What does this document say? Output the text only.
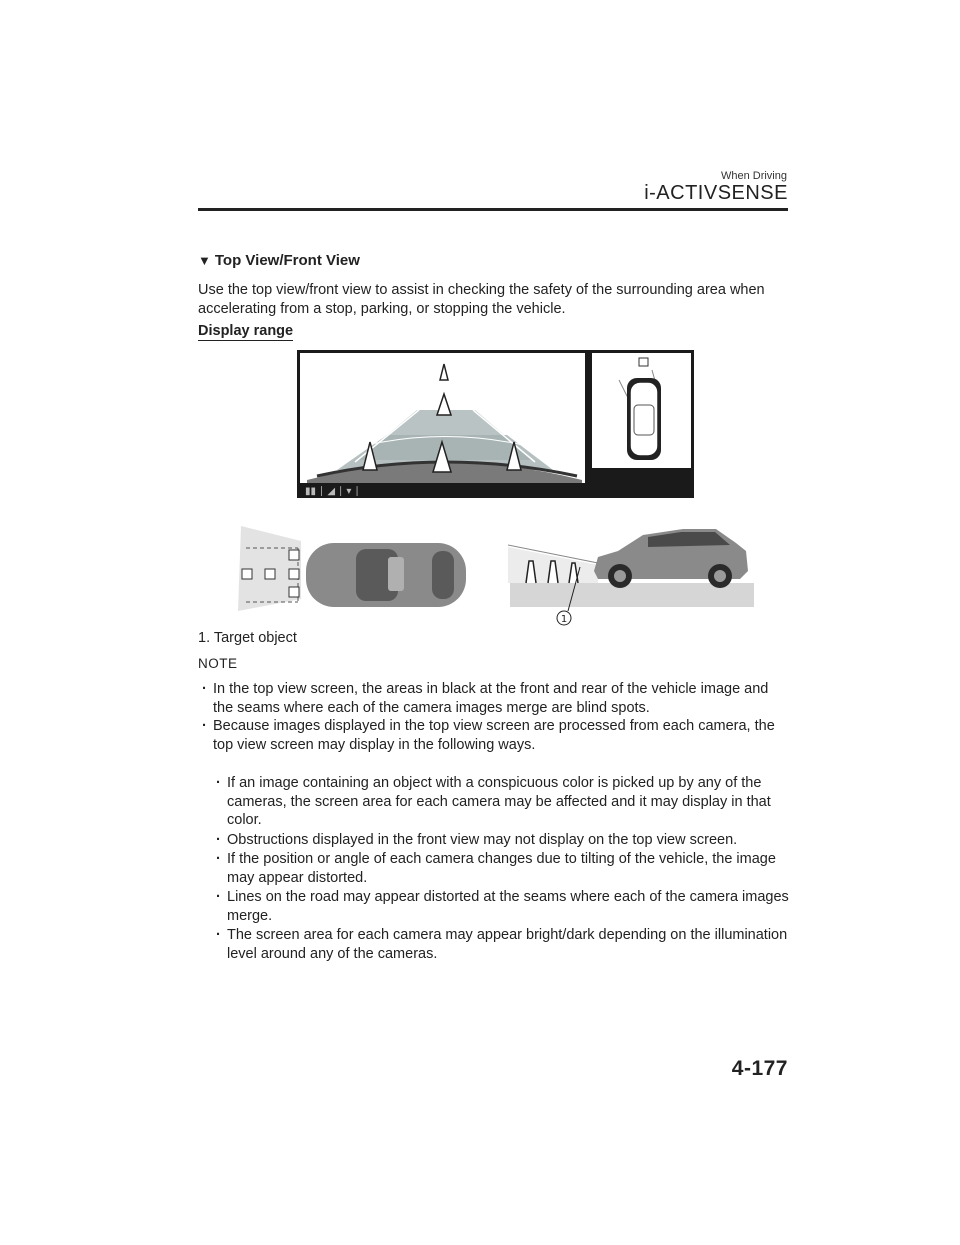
When Driving
i-ACTIVSENSE
▼ Top View/Front View
Use the top view/front view to assist in checking the safety of the surrounding area when accelerating from a stop, parking, or stopping the vehicle.
Display range
▮▮ ∣ ◢ ∣ ▾ ∣
1
1. Target object
NOTE
· In the top view screen, the areas in black at the front and rear of the vehicle image and the seams where each of the camera images merge are blind spots.
· Because images displayed in the top view screen are processed from each camera, the top view screen may display in the following ways.
· If an image containing an object with a conspicuous color is picked up by any of the cameras, the screen area for each camera may be affected and it may display in that color.
· Obstructions displayed in the front view may not display on the top view screen.
· If the position or angle of each camera changes due to tilting of the vehicle, the image may appear distorted.
· Lines on the road may appear distorted at the seams where each of the camera images merge.
· The screen area for each camera may appear bright/dark depending on the illumination level around any of the cameras.
4-177
